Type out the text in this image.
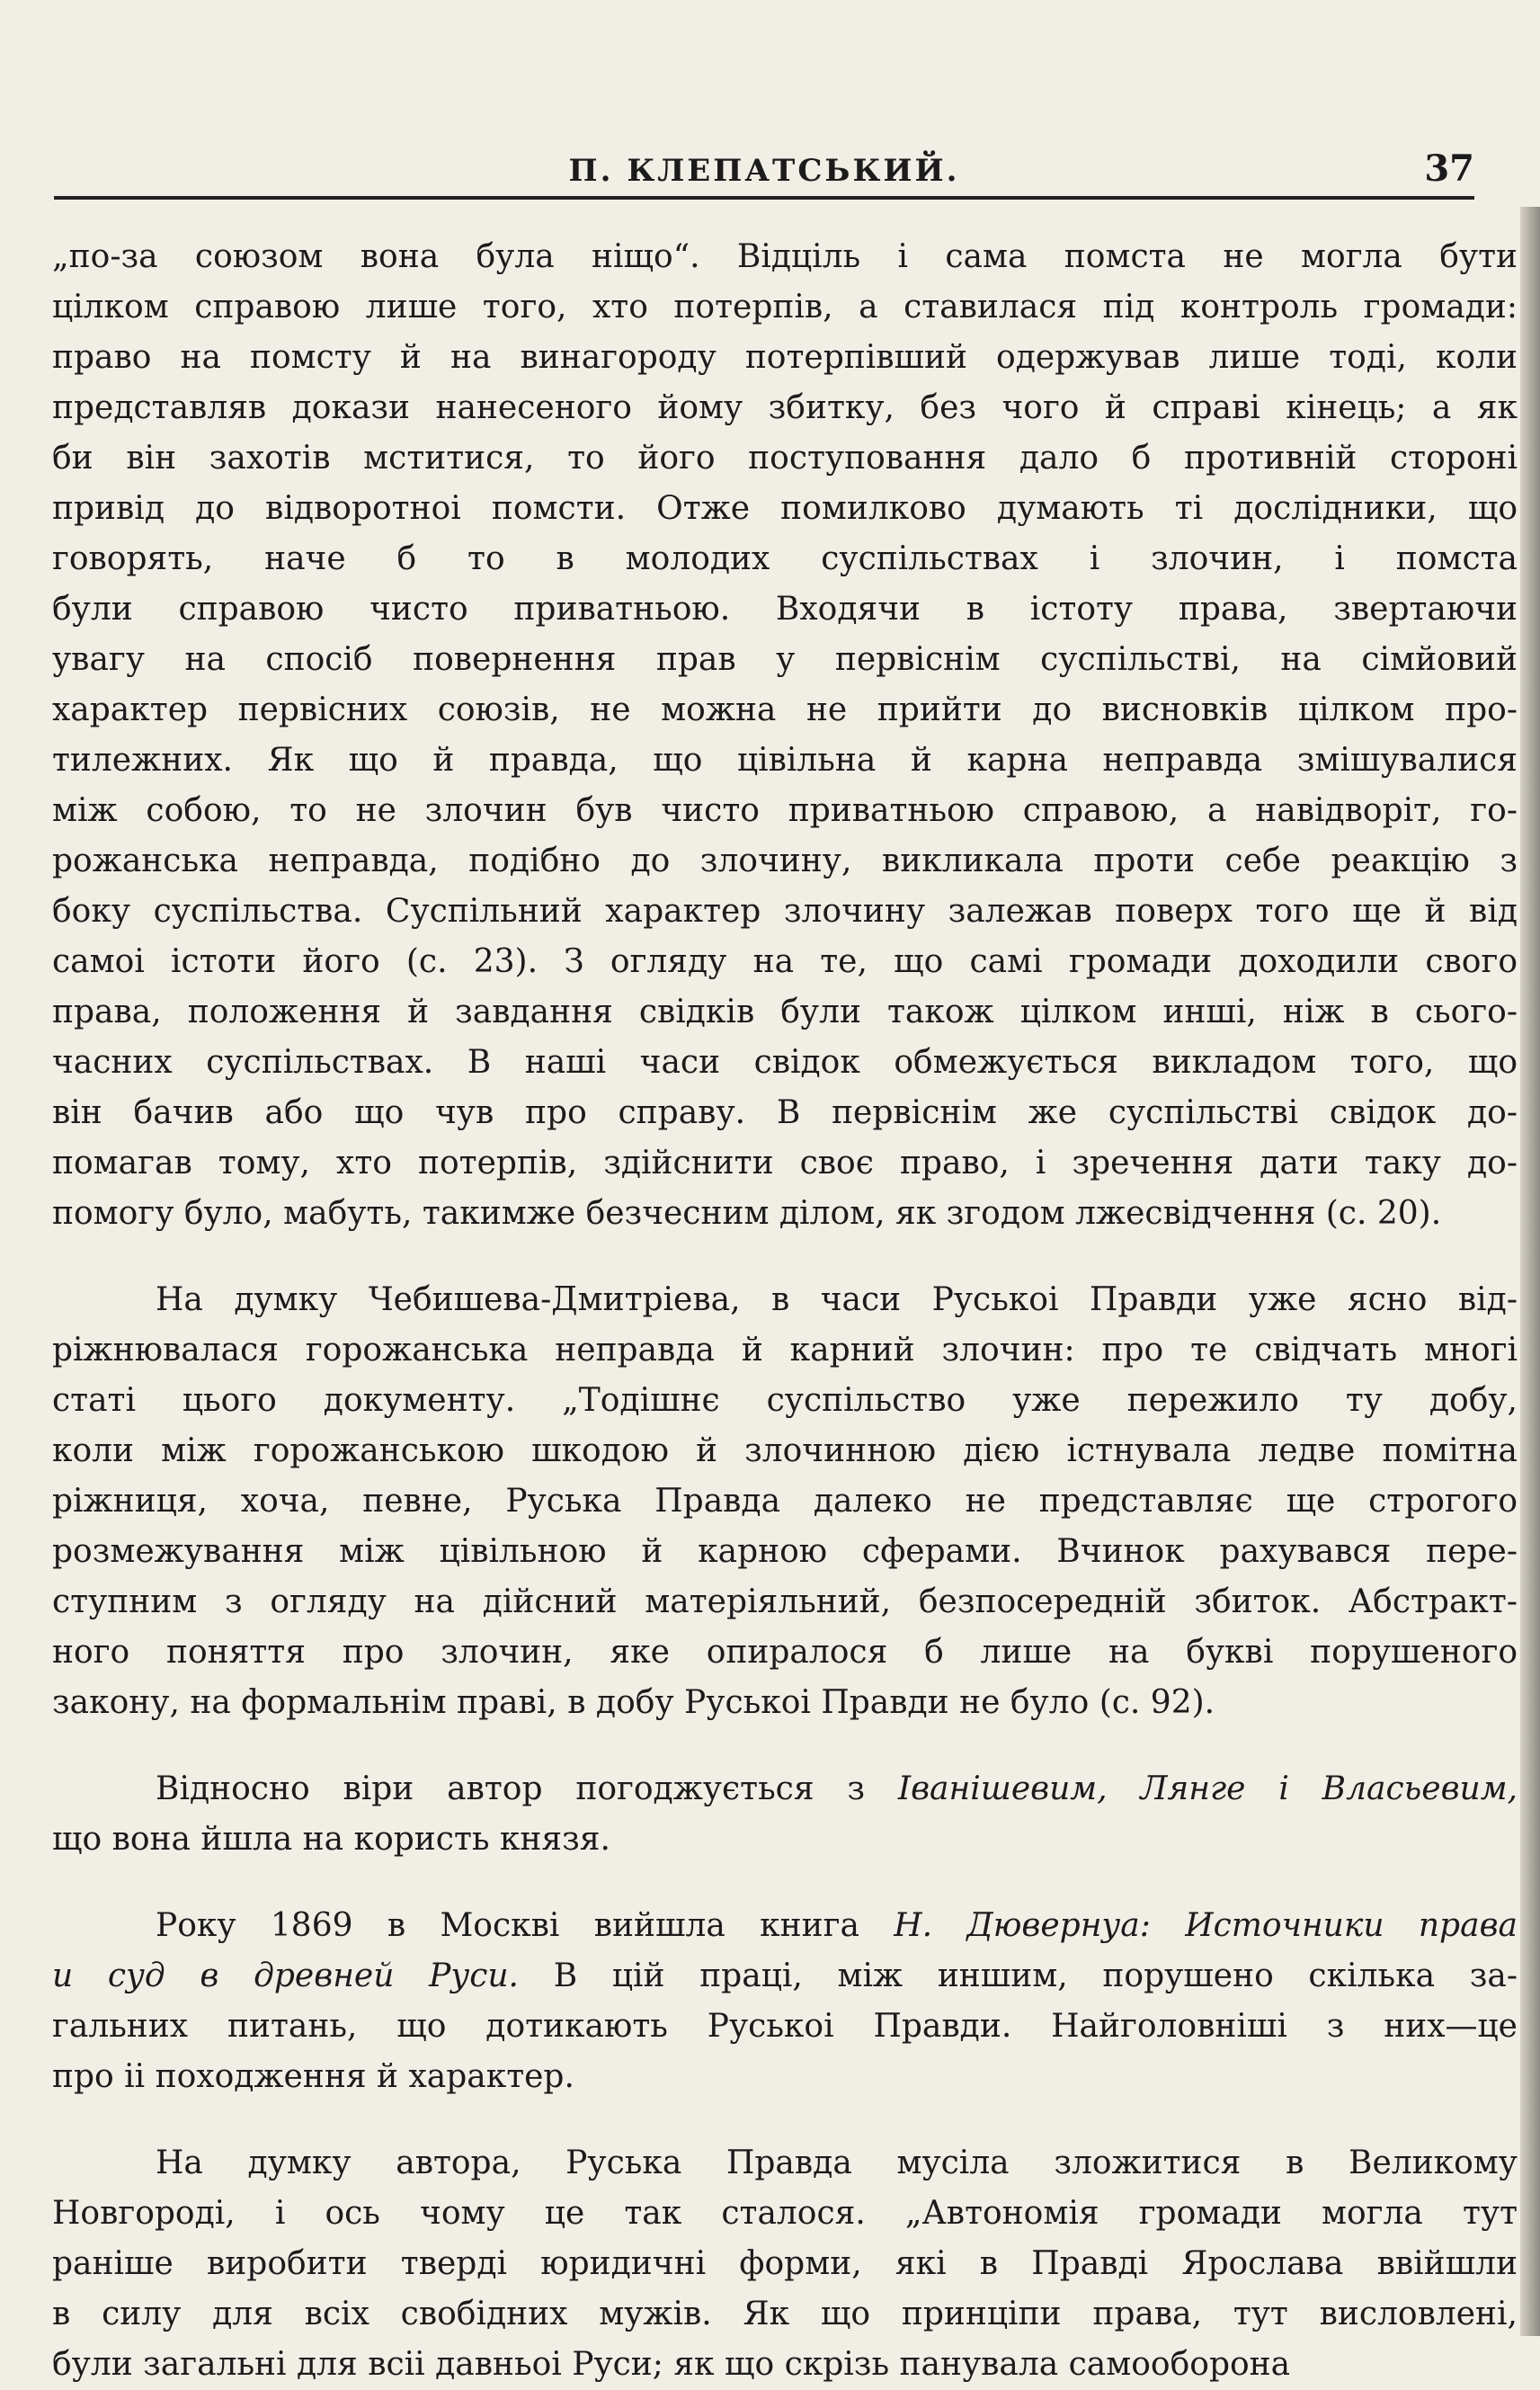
П. КЛЕПАТСЬКИЙ.	37
„по-за союзом вона була ніщо“. Відціль і сама помста не могла бути
цілком справою лише того, хто потерпів, а ставилася під контроль громади:
право на помсту й на винагороду потерпівший одержував лише тоді, коли
представляв докази нанесеного йому збитку, без чого й справі кінець; а як
би він захотів мститися, то його поступовання дало б противній стороні
привід до відворотноі помсти. Отже помилково думають ті дослідники, що
говорять, наче б то в молодих суспільствах і злочин, і помста
були справою чисто приватньою. Входячи в істоту права, звертаючи
увагу на спосіб повернення прав у первіснім суспільстві, на сімйовий
характер первісних союзів, не можна не прийти до висновків цілком про-
тилежних. Як що й правда, що цівільна й карна неправда змішувалися
між собою, то не злочин був чисто приватньою справою, а навідворіт, го-
рожанська неправда, подібно до злочину, викликала проти себе реакцію з
боку суспільства. Суспільний характер злочину залежав поверх того ще й від
самоі істоти його (с. 23). З огляду на те, що самі громади доходили свого
права, положення й завдання свідків були також цілком инші, ніж в сього-
часних суспільствах. В наші часи свідок обмежується викладом того, що
він бачив або що чув про справу. В первіснім же суспільстві свідок до-
помагав тому, хто потерпів, здійснити своє право, і зречення дати таку до-
помогу було, мабуть, такимже безчесним ділом, як згодом лжесвідчення (с. 20).
На думку Чебишева-Дмитріева, в часи Руськоі Правди уже ясно від-
ріжнювалася горожанська неправда й карний злочин: про те свідчать многі
статі цього документу. „Тодішнє суспільство уже пережило ту добу,
коли між горожанською шкодою й злочинною дією істнувала ледве помітна
ріжниця, хоча, певне, Руська Правда далеко не представляє ще строгого
розмежування між цівільною й карною сферами. Вчинок рахувався пере-
ступним з огляду на дійсний матеріяльний, безпосередній збиток. Абстракт-
ного поняття про злочин, яке опиралося б лише на букві порушеного
закону, на формальнім праві, в добу Руськоі Правди не було (с. 92).
Відносно віри автор погоджується з Іванішевим, Лянге і Власьевим,
що вона йшла на користь князя.
Року 1869 в Москві вийшла книга Н. Дювернуа: Источники права
и суд в древней Руси. В цій праці, між иншим, порушено скілька за-
гальних питань, що дотикають Руськоі Правди. Найголовніші з них—це
про іі походження й характер.
На думку автора, Руська Правда мусіла зложитися в Великому
Новгороді, і ось чому це так сталося. „Автономія громади могла тут
раніше виробити тверді юридичні форми, які в Правді Ярослава ввійшли
в силу для всіх свобідних мужів. Як що принціпи права, тут висловлені,
були загальні для всіі давньоі Руси; як що скрізь панувала самооборона
